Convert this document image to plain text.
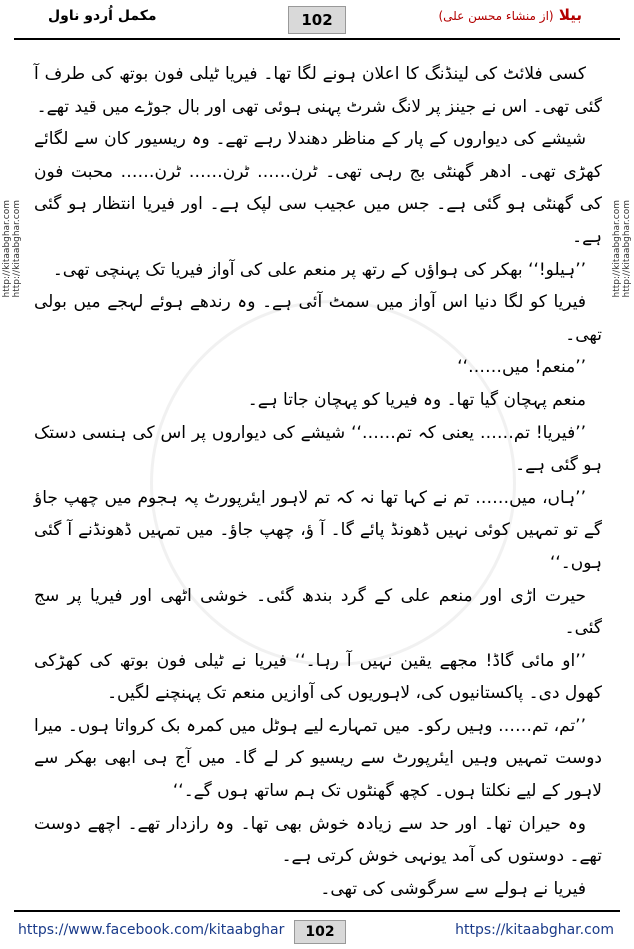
مکمل اُردو ناول	102	بیلا (از منشاء محسن علی)
http://kitaabghar.com http://kitaabghar.com	http://kitaabghar.com http://kitaabghar.com

کسی فلائٹ کی لینڈنگ کا اعلان ہونے لگا تھا۔ فیریا ٹیلی فون بوتھ کی طرف آ گئی تھی۔ اس نے جینز پر لانگ شرٹ پہنی ہوئی تھی اور بال جوڑے میں قید تھے۔

شیشے کی دیواروں کے پار کے مناظر دھندلا رہے تھے۔ وہ ریسیور کان سے لگائے کھڑی تھی۔ ادھر گھنٹی بج رہی تھی۔ ٹرن…… ٹرن…… ٹرن…… محبت فون کی گھنٹی ہو گئی ہے۔ جس میں عجیب سی لپک ہے۔ اور فیریا انتظار ہو گئی ہے۔

’’ہیلو!‘‘ بھکر کی ہواؤں کے رتھ پر منعم علی کی آواز فیریا تک پہنچی تھی۔

فیریا کو لگا دنیا اس آواز میں سمٹ آئی ہے۔ وہ رندھے ہوئے لہجے میں بولی تھی۔

’’منعم! میں……‘‘

منعم پہچان گیا تھا۔ وہ فیریا کو پہچان جاتا ہے۔

’’فیریا! تم…… یعنی کہ تم……‘‘ شیشے کی دیواروں پر اس کی ہنسی دستک ہو گئی ہے۔

’’ہاں، میں…… تم نے کہا تھا نہ کہ تم لاہور ایئرپورٹ پہ ہجوم میں چھپ جاؤ گے تو تمہیں کوئی نہیں ڈھونڈ پائے گا۔ آ ؤ، چھپ جاؤ۔ میں تمہیں ڈھونڈنے آ گئی ہوں۔‘‘

حیرت اڑی اور منعم علی کے گرد بندھ گئی۔ خوشی اٹھی اور فیریا پر سج گئی۔

’’او مائی گاڈ! مجھے یقین نہیں آ رہا۔‘‘ فیریا نے ٹیلی فون بوتھ کی کھڑکی کھول دی۔ پاکستانیوں کی، لاہوریوں کی آوازیں منعم تک پہنچنے لگیں۔

’’تم، تم…… وہیں رکو۔ میں تمہارے لیے ہوٹل میں کمرہ بک کرواتا ہوں۔ میرا دوست تمہیں وہیں ایئرپورٹ سے ریسیو کر لے گا۔ میں آج ہی ابھی بھکر سے لاہور کے لیے نکلتا ہوں۔ کچھ گھنٹوں تک ہم ساتھ ہوں گے۔‘‘

وہ حیران تھا۔ اور حد سے زیادہ خوش بھی تھا۔ وہ رازدار تھے۔ اچھے دوست تھے۔ دوستوں کی آمد یونہی خوش کرتی ہے۔

فیریا نے ہولے سے سرگوشی کی تھی۔

https://www.facebook.com/kitaabghar	102	https://kitaabghar.com
